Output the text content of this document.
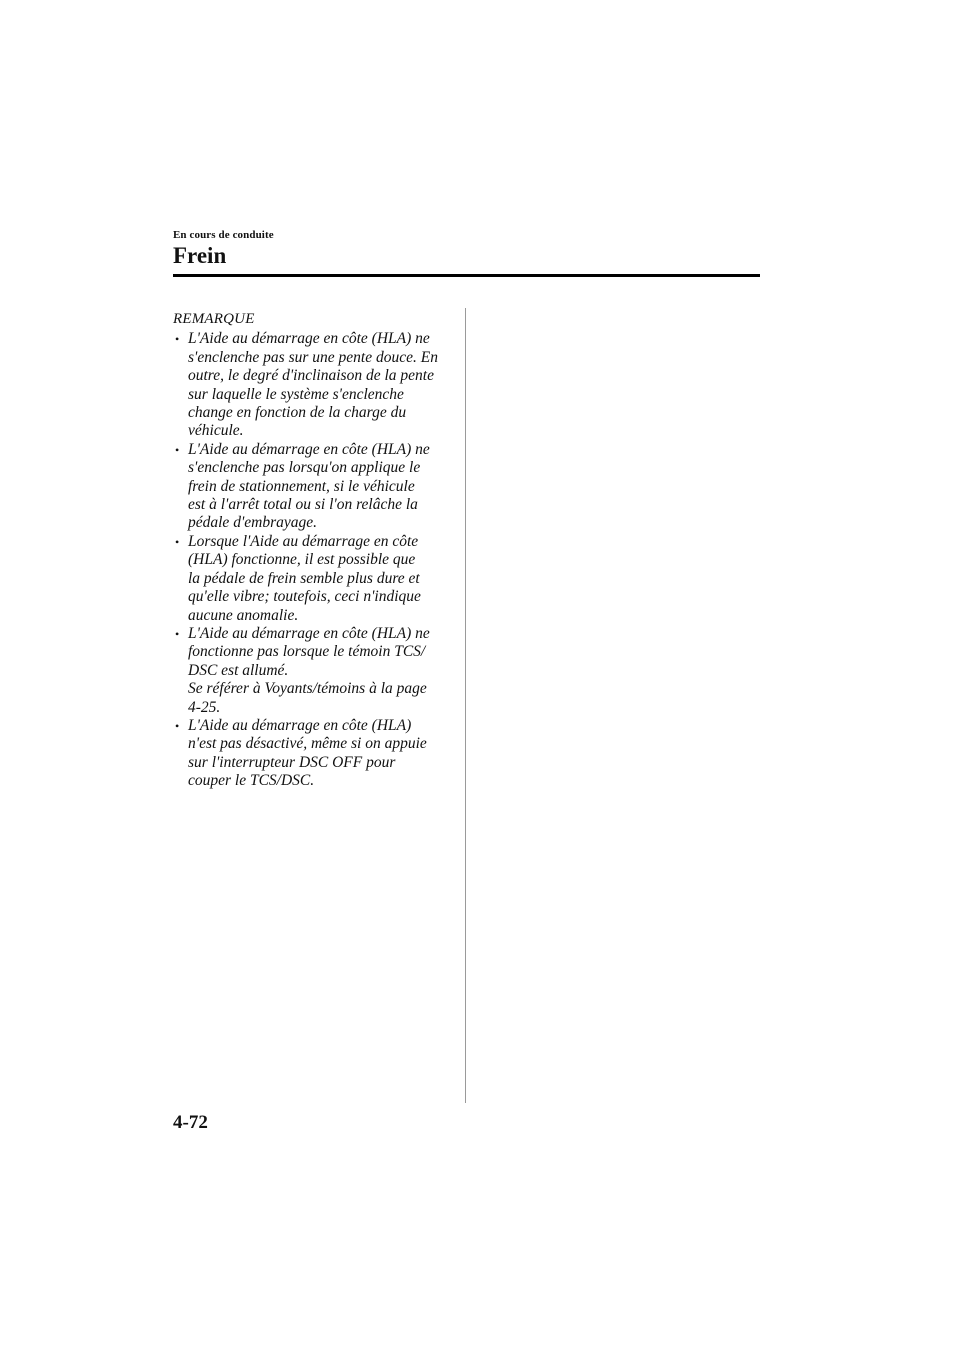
En cours de conduite
Frein
REMARQUE
• L'Aide au démarrage en côte (HLA) ne
s'enclenche pas sur une pente douce. En
outre, le degré d'inclinaison de la pente
sur laquelle le système s'enclenche
change en fonction de la charge du
véhicule.
• L'Aide au démarrage en côte (HLA) ne
s'enclenche pas lorsqu'on applique le
frein de stationnement, si le véhicule
est à l'arrêt total ou si l'on relâche la
pédale d'embrayage.
• Lorsque l'Aide au démarrage en côte
(HLA) fonctionne, il est possible que
la pédale de frein semble plus dure et
qu'elle vibre; toutefois, ceci n'indique
aucune anomalie.
• L'Aide au démarrage en côte (HLA) ne
fonctionne pas lorsque le témoin TCS/
DSC est allumé.
Se référer à Voyants/témoins à la page
4-25.
• L'Aide au démarrage en côte (HLA)
n'est pas désactivé, même si on appuie
sur l'interrupteur DSC OFF pour
couper le TCS/DSC.
4-72
